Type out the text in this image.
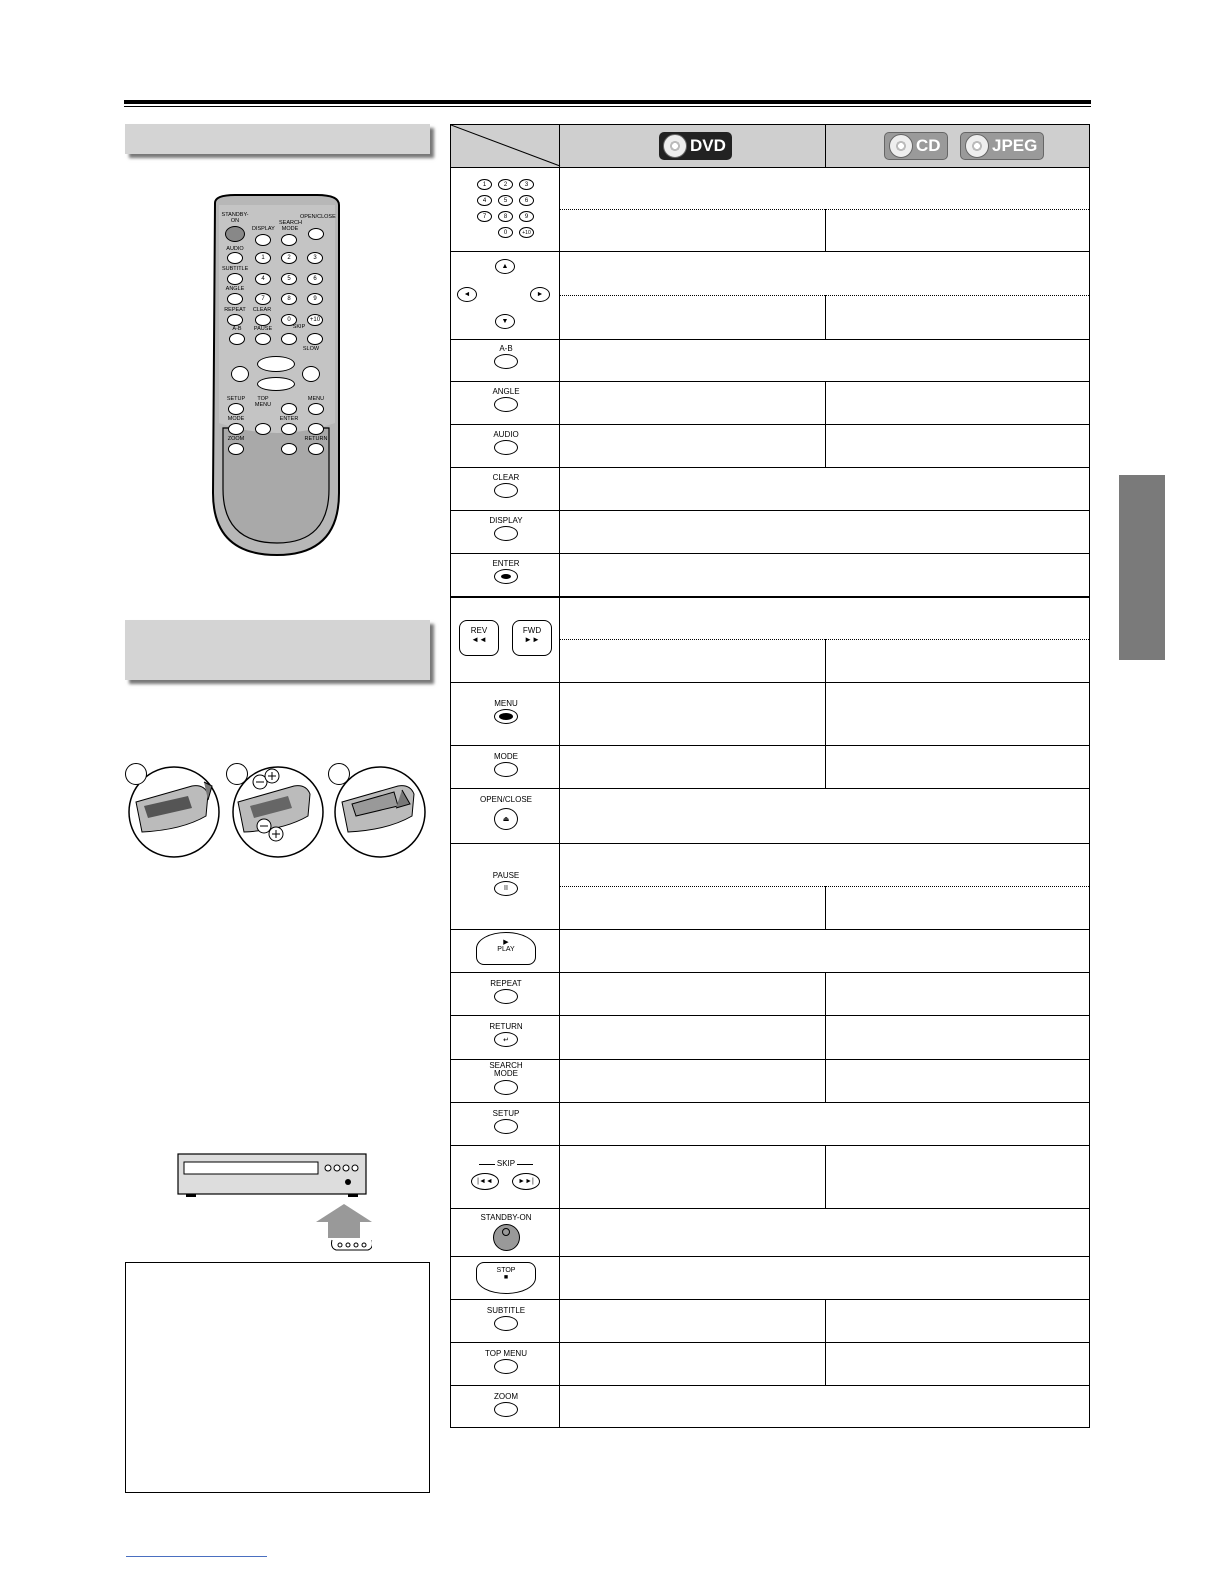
STANDBY-ON
DISPLAY
SEARCH MODE
OPEN/CLOSE
AUDIO
1	2	3
SUBTITLE
4	5	6
ANGLE
7	8	9
REPEAT	CLEAR
0	+10
A-B	PAUSE	SKIP
SLOW
SETUP	TOP MENU
MENU
MODE	ENTER
ZOOM	RETURN
DVD	CD	JPEG
1	2	3
4	5	6
7	8	9
0	+10
▲
◄	►
▼
A-B
ANGLE
AUDIO
CLEAR
DISPLAY
ENTER
REV
◄◄
FWD
►►
MENU
MODE
OPEN/CLOSE
⏏
PAUSE
II
▶
PLAY
REPEAT
RETURN
↵
SEARCH
MODE
SETUP
SKIP
|◄◄	►►|
STANDBY-ON
STOP
■
SUBTITLE
TOP MENU
ZOOM
